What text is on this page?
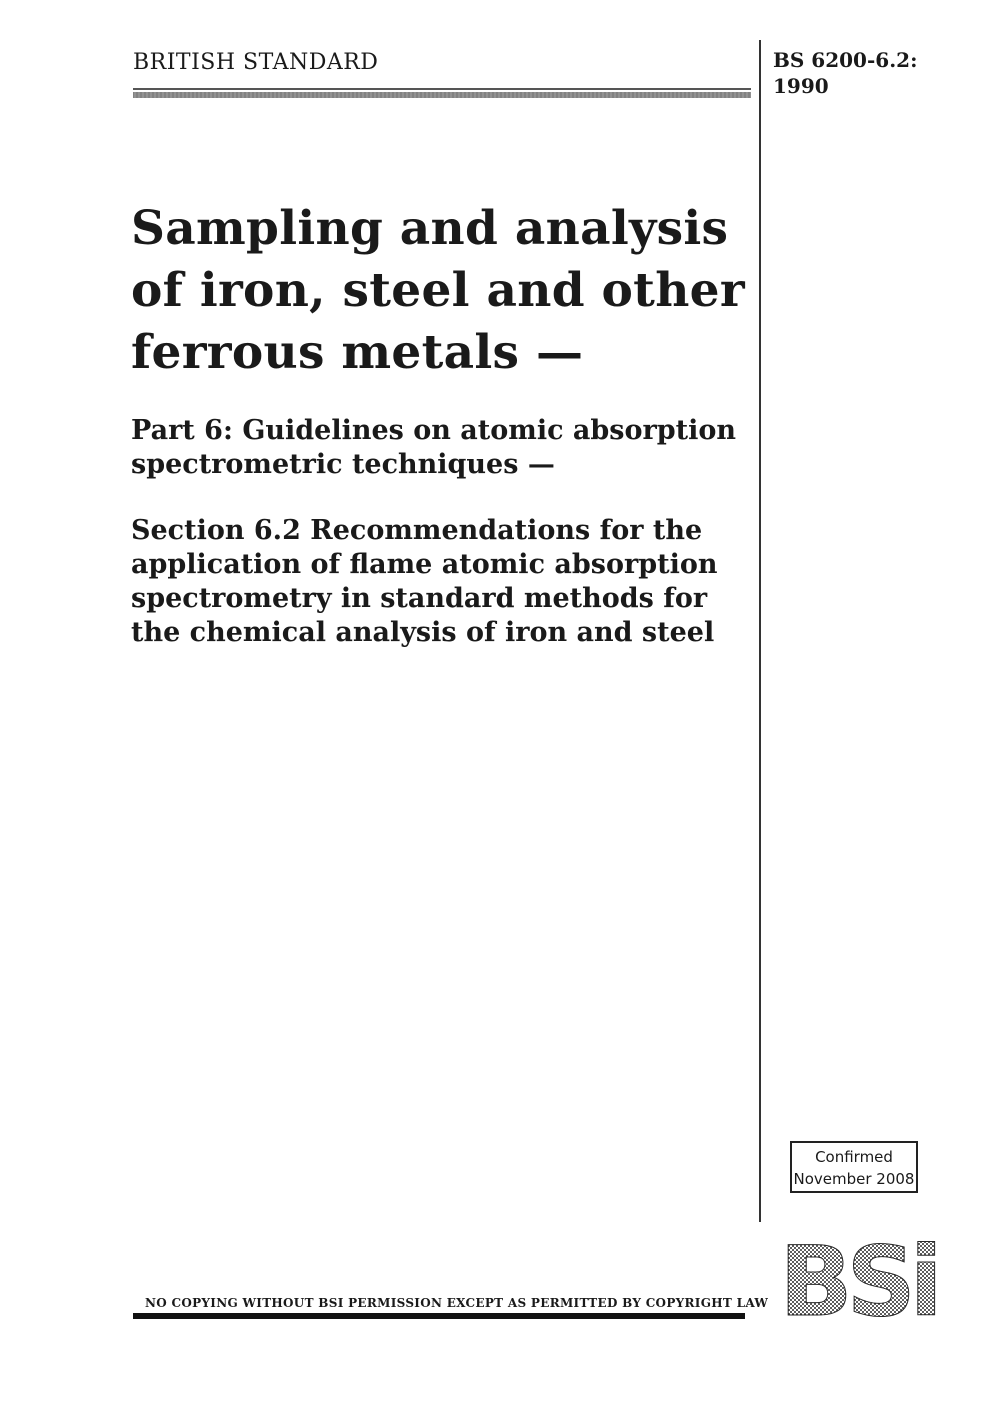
BRITISH STANDARD	BS 6200-6.2:
1990
Sampling and analysis
of iron, steel and other
ferrous metals —
Part 6: Guidelines on atomic absorption
spectrometric techniques —
Section 6.2 Recommendations for the
application of flame atomic absorption
spectrometry in standard methods for
the chemical analysis of iron and steel
Confirmed
November 2008
BSi
NO COPYING WITHOUT BSI PERMISSION EXCEPT AS PERMITTED BY COPYRIGHT LAW
